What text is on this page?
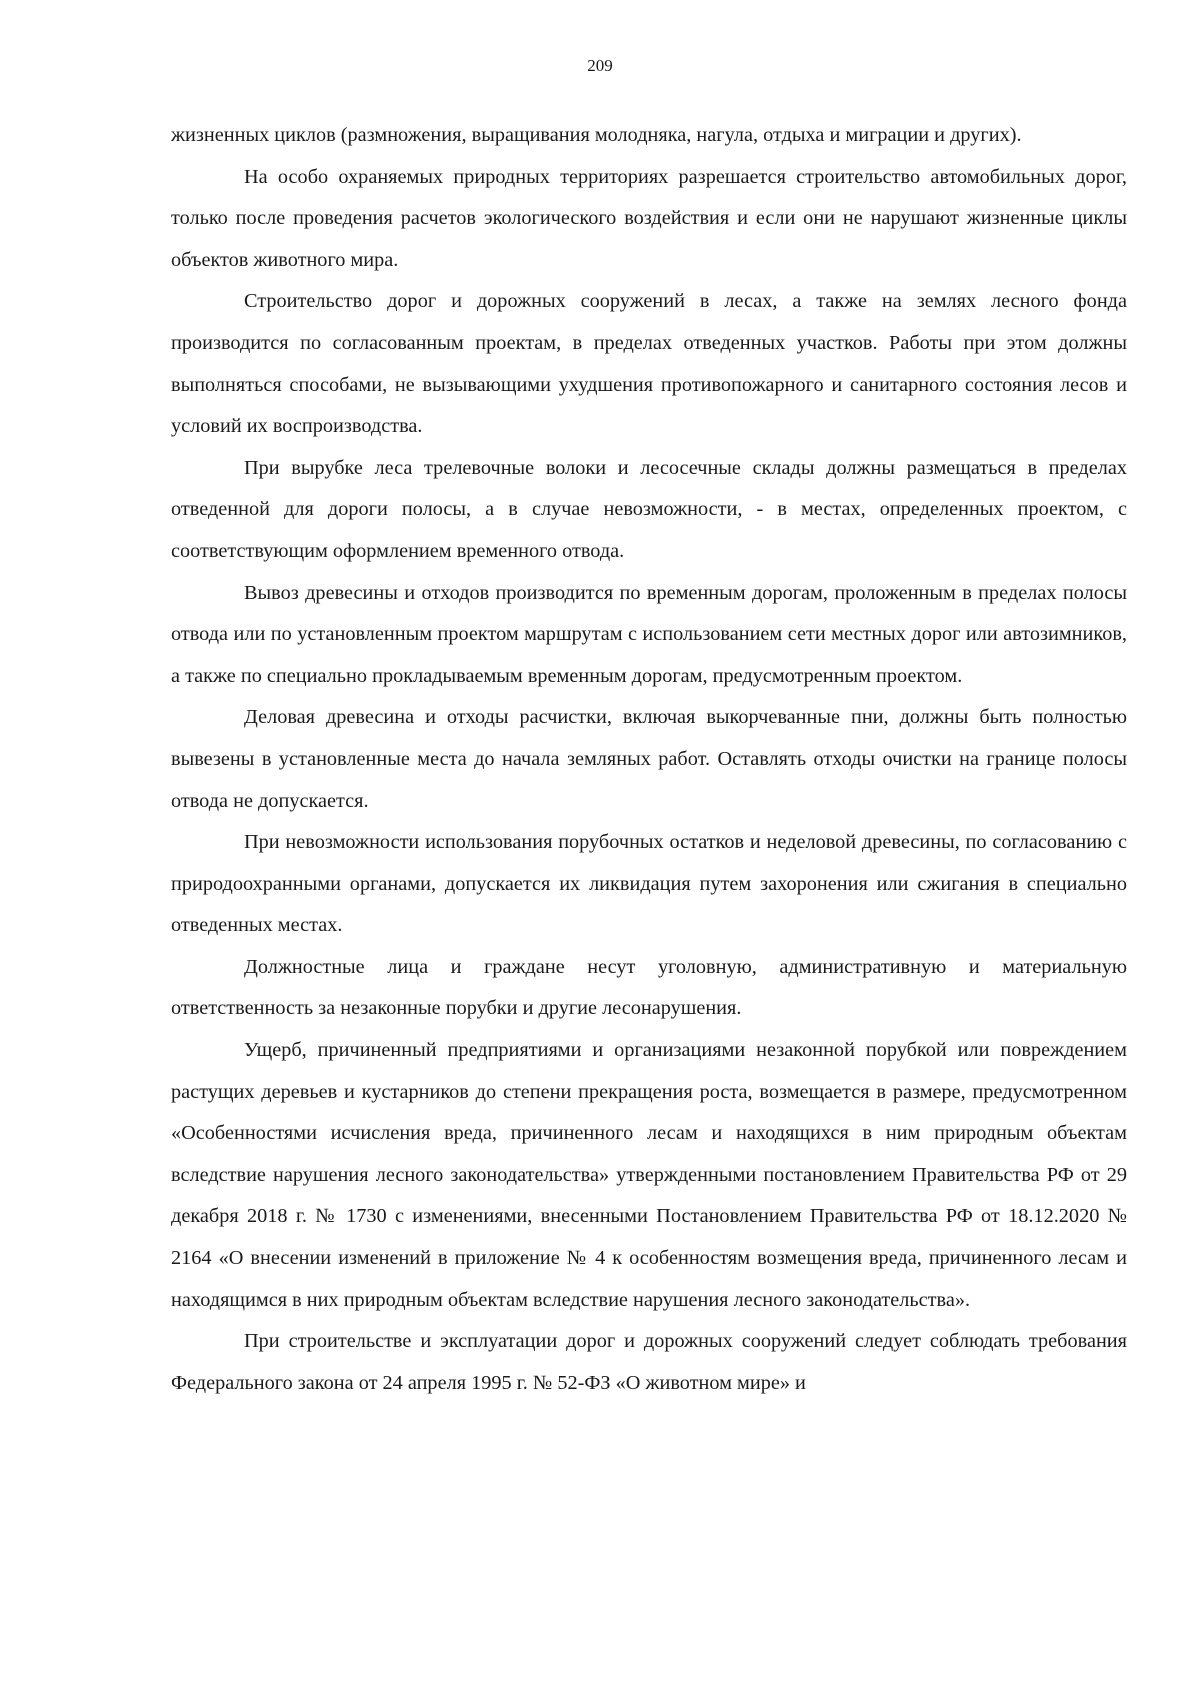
209

жизненных циклов (размножения, выращивания молодняка, нагула, отдыха и миграции и других).

На особо охраняемых природных территориях разрешается строительство автомобильных дорог, только после проведения расчетов экологического воздействия и если они не нарушают жизненные циклы объектов животного мира.

Строительство дорог и дорожных сооружений в лесах, а также на землях лесного фонда производится по согласованным проектам, в пределах отведенных участков. Работы при этом должны выполняться способами, не вызывающими ухудшения противопожарного и санитарного состояния лесов и условий их воспроизводства.

При вырубке леса трелевочные волоки и лесосечные склады должны размещаться в пределах отведенной для дороги полосы, а в случае невозможности, - в местах, определенных проектом, с соответствующим оформлением временного отвода.

Вывоз древесины и отходов производится по временным дорогам, проложенным в пределах полосы отвода или по установленным проектом маршрутам с использованием сети местных дорог или автозимников, а также по специально прокладываемым временным дорогам, предусмотренным проектом.

Деловая древесина и отходы расчистки, включая выкорчеванные пни, должны быть полностью вывезены в установленные места до начала земляных работ. Оставлять отходы очистки на границе полосы отвода не допускается.

При невозможности использования порубочных остатков и неделовой древесины, по согласованию с природоохранными органами, допускается их ликвидация путем захоронения или сжигания в специально отведенных местах.

Должностные лица и граждане несут уголовную, административную и материальную ответственность за незаконные порубки и другие лесонарушения.

Ущерб, причиненный предприятиями и организациями незаконной порубкой или повреждением растущих деревьев и кустарников до степени прекращения роста, возмещается в размере, предусмотренном «Особенностями исчисления вреда, причиненного лесам и находящихся в ним природным объектам вследствие нарушения лесного законодательства» утвержденными постановлением Правительства РФ от 29 декабря 2018 г. № 1730 с изменениями, внесенными Постановлением Правительства РФ от 18.12.2020 № 2164 «О внесении изменений в приложение № 4 к особенностям возмещения вреда, причиненного лесам и находящимся в них природным объектам вследствие нарушения лесного законодательства».

При строительстве и эксплуатации дорог и дорожных сооружений следует соблюдать требования Федерального закона от 24 апреля 1995 г. № 52-ФЗ «О животном мире» и
